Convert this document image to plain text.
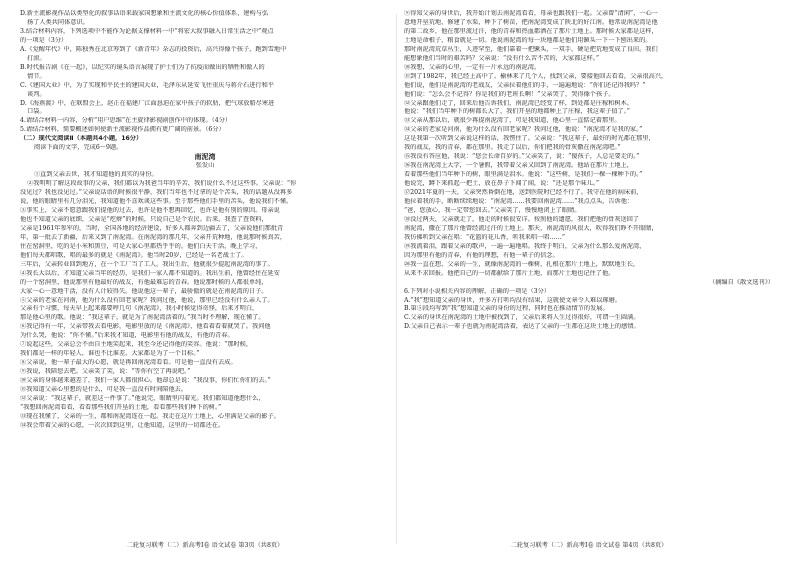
D.新主流影视作品以类型化的叙事话语来载家国想象和主流文化的核心价值体系，建构与弘
扬了人类共同体意识。
3.结合材料内容，下列选项中不能作为论据支撑材料一中“将宏大叙事融入日常生活之中”观点
的一项是（3分）
A.《觉醒年代》中，陈独秀在北京筹到了《新青年》杂志的投资后，高兴得像个孩子，跑到雪地中
打滚。
B.时代报告剧《在一起》，以纪实的镜头语言展现了护士们为了抗疫而做出的牺牲和傲人的
情节。
C.《建国大业》中，为了实现和平民主的建国大业，毛泽东从延安飞往重庆与蒋介石进行和平
谈判。
D.《海燕渡》中，在联盟会上，赵正在福建厂江面恳迫在家中孩子的软肋，把气球放船尽寒进
口袋。
4.请结合材料一内容，分析“用户思维”在主旋律影视剧创作中的体现。（4分）
5.请结合材料，简要概述如何使新主流影视作品拥有更广阔的前景。（6分）
（二）现代文阅读Ⅱ（本题共4小题，16分）
阅读下面的文字，完成6～9题。
南泥湾
张发山
①直到父亲去世，我才知道他的真实的身份。
②我明明了解这段故事的父亲，我们都以为我爸当年的辛苦，我们说什么不过这些事。父亲说：“你
没见过？我也没见过。”父亲说话语的时候很平静，我们当年也不过拿的是个苦头，我的话题从没再多
说，他的眼睛里有几分泪光，我知道他不喜欢谈这些事。至于那些他们手里的苦头，他说我们不懂。
③事实上，父亲不愿意跟我们提他的过去，也许是他不想再回忆，也许是他有别的原因。母亲说
他也不知道父亲的底细，父亲是“疙瘩”的时候，只说自己是个农民。后来，我查了查资料，
父亲是1961年参军的，当时，全国各地的经济建设，好多人都奔到边疆去了，父亲说他们那批青
年，第一批去了新疆，后来又到了南泥湾。在南泥湾的那几年，父亲开荒种地，他说那时候真苦，
住在窑洞里，吃的是小米和黑豆，可是大家心里都热乎乎的。他们白天干活，晚上学习，
他们每天都唱歌，唱的最多的就是《南泥湾》。他当时20岁，已经是一名老战士了。
三年后，父亲转业回到地方，在一个工厂当了工人。我出生后，他就很少提起南泥湾的事了。
④我长大以后，才知道父亲当年的经历，是我们一家人都不知道的。我出生前，他曾经住在延安
的一个窑洞里，他说那里有他最好的战友，有他最难忘的青春。他说那时候的人都很单纯，
大家一心一意地干活，没有人计较得失。他说他这一辈子，最骄傲的就是在南泥湾的日子。
⑤父亲的老家在河南，他为什么没有回老家呢？我问过他，他说，那里已经没有什么亲人了。
父亲有个习惯，每天早上起来都要哼几句《南泥湾》，我小时候觉得奇怪，后来才明白，
那是他心里的歌。他说：“我这辈子，就是为了南泥湾活着的。”我当时不理解，现在懂了。
⑥我记得有一年，父亲带我去看电影，电影里放的是《南泥湾》，他看着看着就哭了。我问他
为什么哭，他说：“你不懂。”后来我才知道，电影里有他的战友，有他的青春。
⑦说起这些，父亲总会不由自主地笑起来，我至今还记得他的笑容。他说：“那时候，
我们都是一样的年轻人，谁也不比谁差，大家都是为了一个目标。”
⑧父亲说，他一辈子最大的心愿，就是再回南泥湾看看。可是他一直没有去成。
⑨我说，我陪您去吧。父亲笑了笑，说：“等你有空了再说吧。”
⑩父亲的身体越来越差了，我们一家人都很担心。他却总是说：“我没事，你们忙你们的去。”
⑪我知道父亲心里想的是什么，可是我一直没有时间陪他去。
⑫父亲说：“我这辈子，就差这一件事了。”他说完，眼睛里闪着光。我们都知道他想什么，
“我想回南泥湾看看，看看那些我们开垦的土地，看看那些我们种下的树。”
⑬现在我懂了，父亲的一生，都和南泥湾连在一起。我走在这片土地上，心里满是父亲的影子。
⑭我会带着父亲的心愿，一次次回到这里，让他知道，这里的一切都还在。
二轮复习联考（二）新高考Ⅰ卷 语文试卷 第3页（共8页）
⑨得知父亲的身世后，我开始计划去南泥湾看看，母亲也跟我们一起。父亲曾“清闲”，一心一
意地开垦荒地，修建了水渠，种下了树苗，把南泥湾变成了陕北的好江南。他常说南泥湾是他
的第二故乡，他在那里流过汗，他的青春和热血都洒在了那片土地上。那时候大家都是这样，
土地是命根子，粮食就是一切。他说南泥湾的每一块地都是他们用镢头一下一下刨出来的。
那时南泥湾荒草丛生，人迹罕至，他们靠着一把镢头，一双手，硬是把荒地变成了良田。我们
能想象他们当时的艰苦吗？父亲说：“没有什么苦不苦的，大家都这样。”
⑩我想，父亲的心里，一定有一片永远的南泥湾。
⑪到了1982年，我已经上高中了。榆林来了几个人，找到父亲，要接他回去看看，父亲很高兴，
他们说，他们是南泥湾的老战友，父亲拉着他们的手，一遍遍地说：“你们还记得我吗？”
他们说：“怎么会不记得？你是我们的老班长啊！”父亲哭了，哭得像个孩子。
⑫父亲跟他们走了，回来后他告诉我们，南泥湾已经变了样，到处都是庄稼和树木。
他说：“我们当年种下的树都长大了，我们开垦的地都种上了庄稼，我这辈子值了。”
⑬父亲从那以后，就很少再提南泥湾了，可是我知道，他心里一直惦记着那里。
⑭父亲的老家是河南，他为什么没有回老家呢？我问过他，他说：“南泥湾才是我的家。”
这是我第一次听到父亲说这样的话，我愣住了。父亲说：“我这辈子，最好的时光都在那里，
我的战友，我的青春，都在那里。我走了以后，你们把我的骨灰撒在南泥湾吧。”
⑮我没有答应他，我说：“您会长命百岁的。”父亲笑了，说：“傻孩子，人总是要走的。”
⑯我在南泥湾上大学，一个暑假，我带着父亲又回到了南泥湾。他站在那片土地上，
看着那些他们当年种下的树，眼里满是泪水。他说：“这些树，是我们一棵一棵种下的。”
他说完，蹲下来抓起一把土，放在鼻子下闻了闻，说：“还是那个味儿。”
⑰2021年夏的一天，父亲突然昏倒在地，送到医院时已经不行了。我守在他的病床前，
他拉着我的手，断断续续地说：“南泥湾……我要回南泥湾……”我点点头，告诉他：
“爸，您放心，我一定带您回去。”父亲笑了，慢慢地闭上了眼睛。
⑱没过两天，父亲就走了，他走的时候很安详。按照他的遗愿，我们把他的骨灰送回了
南泥湾，撒在了那片他曾经流过汗的土地上。那天，南泥湾的风很大，吹得我们睁不开眼睛，
我仿佛听到父亲在唱：“花篮的花儿香，听我来唱一唱……”
⑲我流着泪，跟着父亲的歌声，一遍一遍地唱。我终于明白，父亲为什么那么爱南泥湾，
因为那里有他的青春，有他的理想，有他一辈子的信念。
⑳我一直在想，父亲的一生，就像南泥湾的一棵树，扎根在那片土地上，默默地生长，
从来不求回报。他把自己的一切都献给了那片土地，而那片土地也记住了他。
（摘编自《散文选刊》）
6.下列对小说相关内容的理解，正确的一项是（3分）
A.“我”想知道父亲的身世，并多方打听均没有结果，这就使文章令人难以琢磨。
B.第⑤段均写到“我”想知道父亲的身份的过程，同时也在推动情节的发展。
C.父亲的身世在南泥湾的土地中被找到了，父亲后来将人生过得很好，可谓一生圆满。
D.父亲自己表示一辈子也就为南泥湾活着，表达了父亲的一生都在这块土地上的感情。
二轮复习联考（二）新高考Ⅰ卷 语文试卷 第4页（共8页）
